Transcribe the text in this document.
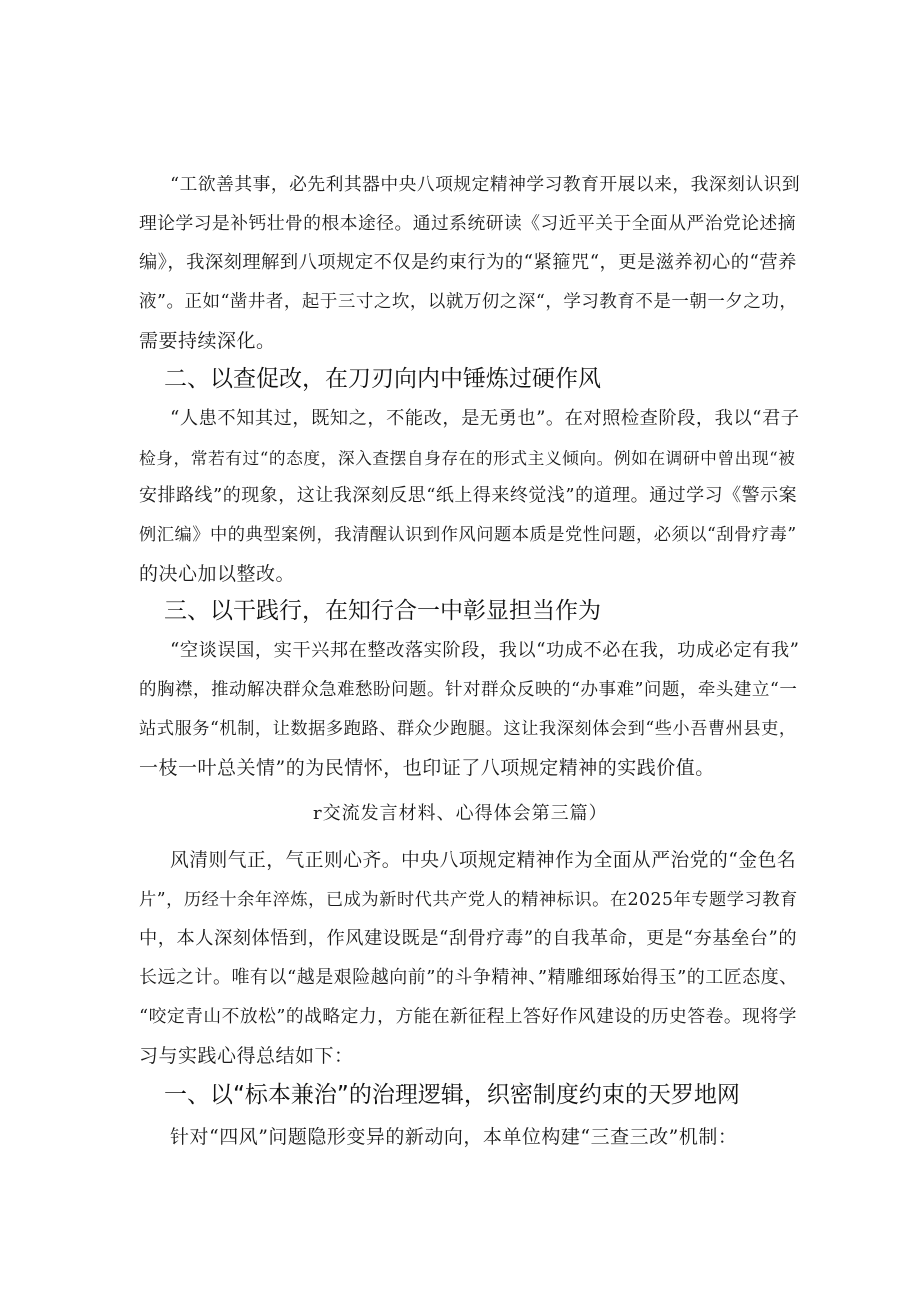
“工欲善其事，必先利其器中央八项规定精神学习教育开展以来，我深刻认识到
理论学习是补钙壮骨的根本途径。通过系统研读《习近平关于全面从严治党论述摘
编》，我深刻理解到八项规定不仅是约束行为的“紧箍咒“，更是滋养初心的“营养
液”。正如“凿井者，起于三寸之坎，以就万仞之深“，学习教育不是一朝一夕之功，
需要持续深化。
二、以查促改，在刀刃向内中锤炼过硬作风
“人患不知其过，既知之，不能改，是无勇也”。在对照检查阶段，我以“君子
检身，常若有过“的态度，深入查摆自身存在的形式主义倾向。例如在调研中曾出现“被
安排路线”的现象，这让我深刻反思“纸上得来终觉浅”的道理。通过学习《警示案
例汇编》中的典型案例，我清醒认识到作风问题本质是党性问题，必须以“刮骨疗毒”
的决心加以整改。
三、以干践行，在知行合一中彰显担当作为
“空谈误国，实干兴邦在整改落实阶段，我以“功成不必在我，功成必定有我”
的胸襟，推动解决群众急难愁盼问题。针对群众反映的“办事难”问题，牵头建立“一
站式服务“机制，让数据多跑路、群众少跑腿。这让我深刻体会到“些小吾曹州县吏，
一枝一叶总关情”的为民情怀，也印证了八项规定精神的实践价值。
r交流发言材料、心得体会第三篇）
风清则气正，气正则心齐。中央八项规定精神作为全面从严治党的“金色名
片”，历经十余年淬炼，已成为新时代共产党人的精神标识。在2025年专题学习教育
中，本人深刻体悟到，作风建设既是“刮骨疗毒”的自我革命，更是“夯基垒台”的
长远之计。唯有以“越是艰险越向前”的斗争精神、”精雕细琢始得玉”的工匠态度、
“咬定青山不放松”的战略定力，方能在新征程上答好作风建设的历史答卷。现将学
习与实践心得总结如下：
一、以“标本兼治”的治理逻辑，织密制度约束的天罗地网
针对“四风”问题隐形变异的新动向，本单位构建“三查三改”机制：
